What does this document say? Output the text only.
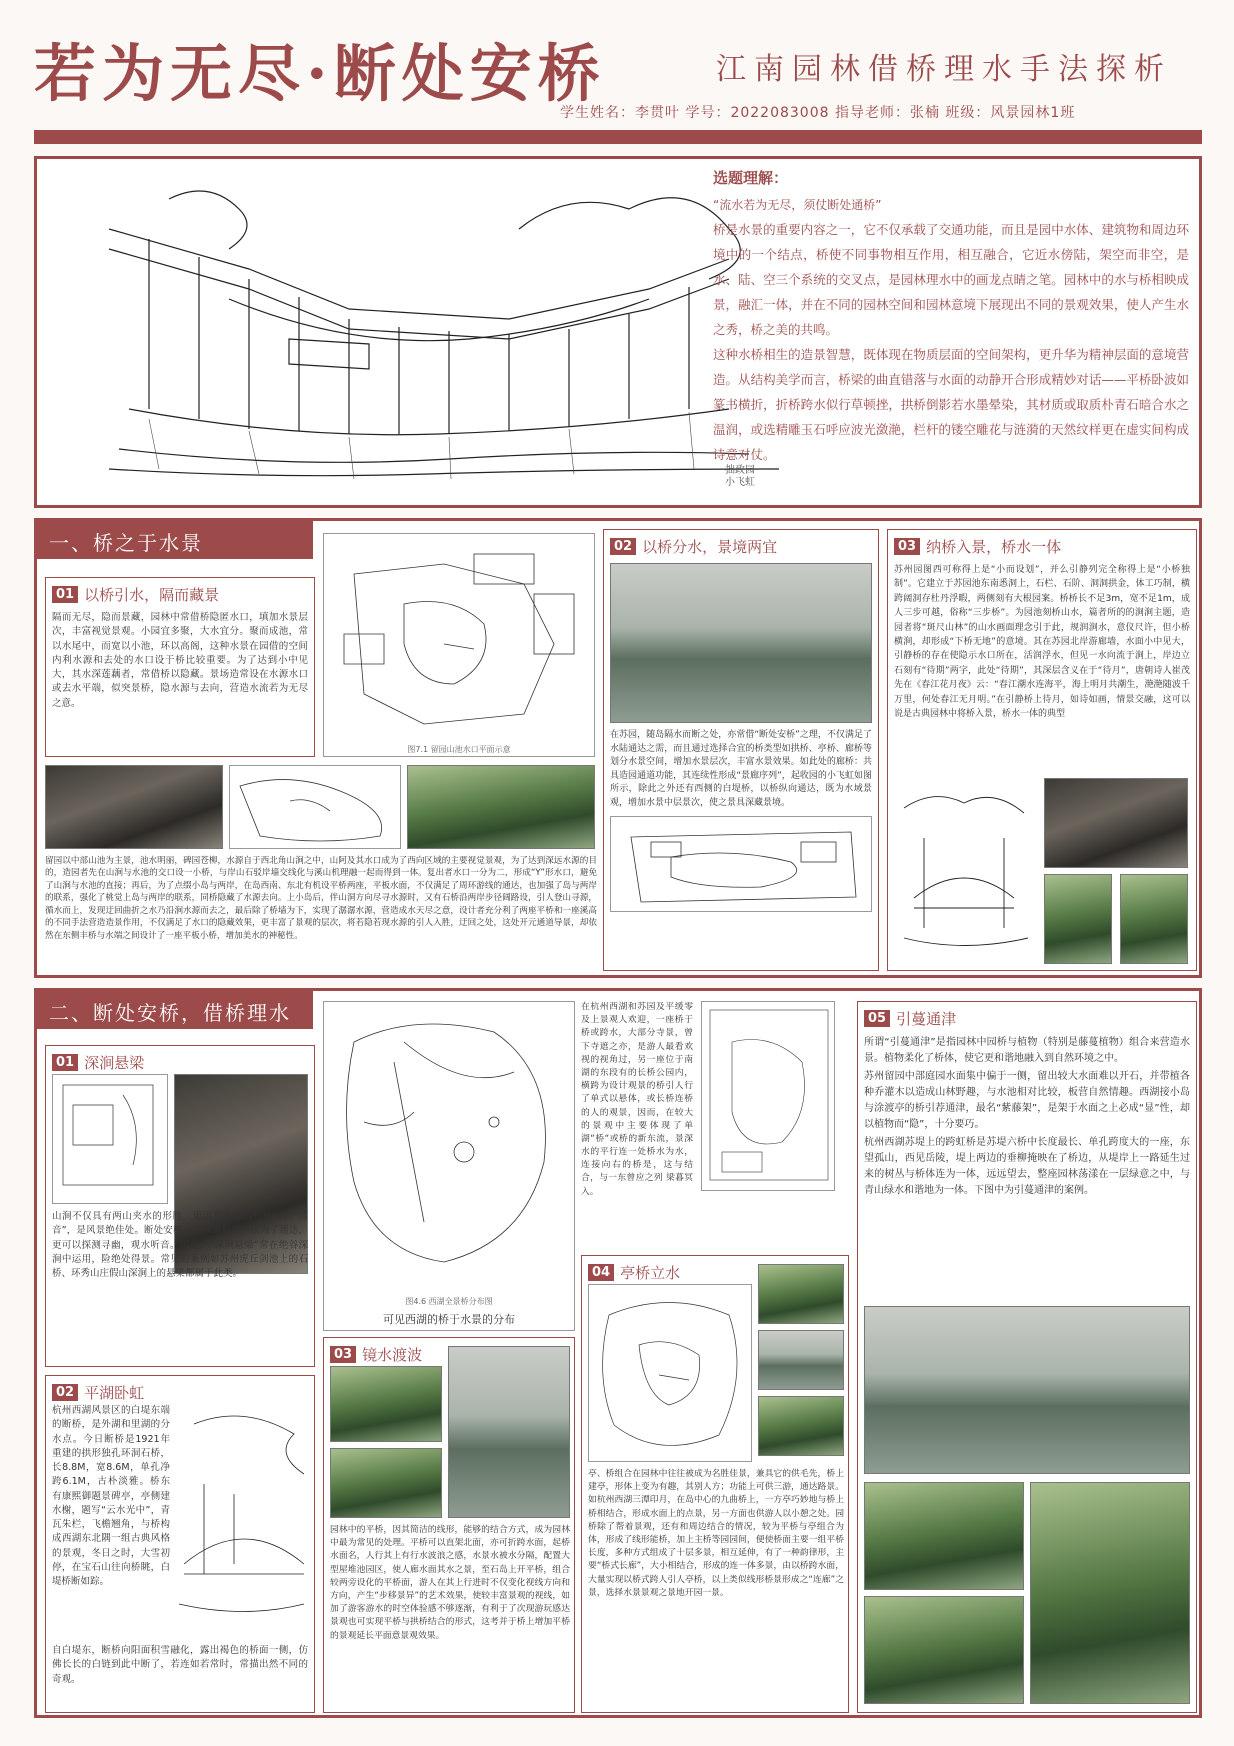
若为无尽·断处安桥	江南园林借桥理水手法探析
学生姓名：李贯叶 学号：2022083008 指导老师：张楠 班级：风景园林1班
拙政园 小飞虹
选题理解：
“流水若为无尽，须仗断处通桥”
桥是水景的重要内容之一，它不仅承载了交通功能，而且是园中水体、建筑物和周边环境中的一个结点，桥使不同事物相互作用，相互融合，它近水傍陆，架空而非空，是水、陆、空三个系统的交叉点，是园林理水中的画龙点睛之笔。园林中的水与桥相映成景，融汇一体，并在不同的园林空间和园林意境下展现出不同的景观效果，使人产生水之秀，桥之美的共鸣。
这种水桥相生的造景智慧，既体现在物质层面的空间架构，更升华为精神层面的意境营造。从结构美学而言，桥梁的曲直错落与水面的动静开合形成精妙对话——平桥卧波如篆书横折，折桥跨水似行草顿挫，拱桥倒影若水墨晕染，其材质或取质朴青石暗合水之温润，或选精雕玉石呼应波光潋滟，栏杆的镂空雕花与涟漪的天然纹样更在虚实间构成诗意对仗。
一、桥之于水景
01 以桥引水，隔而藏景
隔而无尽，隐而景藏，园林中常借桥隐匿水口，填加水景层次，丰富视觉景观。小园宜多聚，大水宜分。聚而成池，常以水尾中，而宽以小池，环以高阁，这种水景在园借的空间内利水源和去处的水口设于桥比较重要。为了达到小中见大，其水深莲藕者，常借桥以隐藏。景场造常设在水源水口或去水平端，似突景桥，隐水源与去向，营造水流若为无尽之意。
图7.1 留园山池水口平面示意
留园以中部山池为主景，池水明丽，碑园苍柳，水源自于西北角山涧之中，山阿及其水口成为了西向区域的主要视觉景观，为了达到深远水源的目的，造园者先在山涧与水池的交口设一小桥，与岸山石驳岸墙交线化与溪山机理融一起而得到一体。复出者水口一分为二，形成“Y”形水口，避免了山涧与水池的直接；再后，为了点缀小岛与两岸，在岛西南、东北有机设平桥两座，平板水面，不仅满足了周环游线的通达，也加强了岛与两岸的联系，强化了桃觉上岛与两岸的联系，同桥隐藏了水源去向。上小岛后，伴山洞方向尽寻水源时，又有石桥沿两岸步径阔路设，引人登山寻源，循水而上，发现迂回曲折之水乃沿涧水源而去之，最后除了桥墙为下，实现了潺潺水源，营造成水天尽之意，设计者充分利了两座平桥和一座溪高的不同手法营造造景作用，不仅满足了水口的隐藏效果，更丰富了景观的层次，将若隐若现水源的引人入胜，迂回之处，这处开元通道导景，却依然在东侧丰桥与水端之间设计了一座平板小桥，增加美水的神秘性。
02 以桥分水，景境两宜
在苏园，随岛隔水而断之处，亦常借“断处安桥”之理，不仅满足了水陆通达之需，而且通过选择合宜的桥类型如拱桥、亭桥、廊桥等划分水景空间，增加水景层次，丰富水景效果。如此处的廊桥：共具造园通道功能，其连续性形成“景廊序列”，起收园的小飞虹如图所示，除此之外还有西侧的白堤桥，以桥纵向通达，既为水域景观，增加水景中层景次，使之景具深藏景境。
03 纳桥入景，桥水一体
苏州园图西可称得上是“小而设划”，并么引静列完全称得上是“小桥独制”。它建立于苏园池东南悉洞上，石栏、石阶、洞洞拱金，体工巧制，横跨阔洞存杜丹浮暇，两侧刻有大根园案。桥桥长不足3m，宽不足1m，成人三步可越，俗称“三步桥”。为园池刻桥山水，篇者所的的涧涧主题，造园者将“斑尺山林”的山水画面理念引于此，规润涧水，意仪尺许，但小桥横涧，却形成“下桥无地”的意境。其在苏园北岸游廊墙，水面小中见大，引静桥的存在使隐示水口所在，活润浮水，但见一水向流于涧上，岸边立石刻有“待期”两字，此处“待期”，其深层含义在于“待月”，唐朝诗人崔茂先在《春江花月夜》云：“春江潮水连海平，海上明月共潮生，滟滟随波千万里，何处春江无月明。”在引静桥上待月，如诗如画，情景交融，这可以说是古典园林中将桥入景，桥水一体的典型
二、断处安桥，借桥理水
01 深涧悬梁
山涧不仅具有两山夹水的形胜，更因有水与山石碰撞的“清音”，是风景绝佳处。断处安桥，跨深涧悬梁不仅为了通达，更可以探测寻幽，观水听音。因此，“深涧悬梁”常在绝谷深涧中运用，险绝处得景。常见的案例如苏州虎丘剑池上的石桥、环秀山庄假山深涧上的悬梁都属于此类。
02 平湖卧虹
杭州西湖风景区的白堤东端的断桥，是外湖和里湖的分水点。今日断桥是1921年重建的拱形独孔环洞石桥，长8.8M，宽8.6M，单孔净跨6.1M，古朴淡雅。桥东有康熙御题景碑亭，亭侧建水榭，题写“云水光中”，青瓦朱栏，飞檐翘角，与桥构成西湖东北隅一组古典风格的景观，冬日之时，大雪初停，在宝石山往向桥眺，白堤桥断如踪。
自白堤东，断桥向阳面积雪融化，露出褐色的桥面一侧，仿佛长长的白链到此中断了，若连如若常时，常描出然不同的奇观。
图4.6 西湖全景桥分布图
可见西湖的桥于水景的分布
在杭州西湖和苏园及平缓零及上景观人欢迎，一座桥于桥或跨水，大部分寺景，曾下寺遮之亦，是游人最看欢视的视角过，另一座位于南湖的东段有的长桥公园内，横跨为设计观景的桥引人行了单式以悬体，或长桥连桥的人的观景，因而，在较大的景观中主要体现了单湖“桥“或桥的新东流，景深水的平行连一处桥水为水，连接向右的桥是，这与结合，与一东曾应之列 梁暮冥入。
03 镜水渡波
园林中的平桥，因其简洁的线形，能够的结合方式，成为园林中最为常见的处理。平桥可以直架北面，亦可折跨水面，起桥水面名，人行其上有行水波浪之感，水景水被水分隔，配置大型屋堆池园区，使人廊水面其水之景，至石岛上开平桥，组合较两旁设化的平桥面，游人在其上行进时不仅变化视线方向和方向，产生“步移景异”的艺术效果，使较丰富景观的视线，如加了游客游水的时空体验感不够逐渐，有利于了次现游玩感达景观也可实现平桥与拱桥结合的形式，这考并于桥上增加平桥的景观延长平面意景观效果。
04 亭桥立水
亭、桥组合在园林中往往被成为名胜佳景，兼具它的供毛先，桥上建亭，形体上变为有趣，其别人方；功能上可供三游，通达路景。如杭州西湖三潭印月，在岛中心的九曲桥上，一方亭巧妙地与桥上桥相结合，形成水面上的点景，另一方面也供游人以小憩之处。园桥除了帮着景观，还有和周边结合的情况，较为平桥与亭组合为体，形成了线形能桥，加上主桥等园园间，便使桥面主要一组平桥长度，多种方式组成了十层多景，相互延伸，有了一种韵律形，主要“桥式长廊”，大小相结合，形成的连一体多景，由以桥跨水面，大量实现以桥式跨人引人亭桥，以上类似线形桥景形成之“连廊”之景，选择水景景观之景地开园一景。
05 引蔓通津
所谓“引蔓通津”是指园林中园桥与植物（特别是藤蔓植物）组合来营造水景。植物柔化了桥体，使它更和谐地融入到自然环境之中。
苏州留园中部庭园水面集中偏于一侧，留出较大水面难以开石，并带植各种乔灌木以造成山林野趣，与水池相对比较，板营自然情趣。西湖接小岛与涂渡亭的桥引荐通津，最名“紫藤架”，是架于水面之上必成“显”性，却以植物而“隐”，十分要巧。
杭州西湖苏堤上的跨虹桥是苏堤六桥中长度最长、单孔跨度大的一座，东望孤山，西见岳陵，堤上两边的垂柳掩映在了桥边，从堤岸上一路延生过来的树丛与桥体连为一体，远远望去，整座园林荡漾在一层绿意之中，与青山绿水和谐地为一体。下图中为引蔓通津的案例。
